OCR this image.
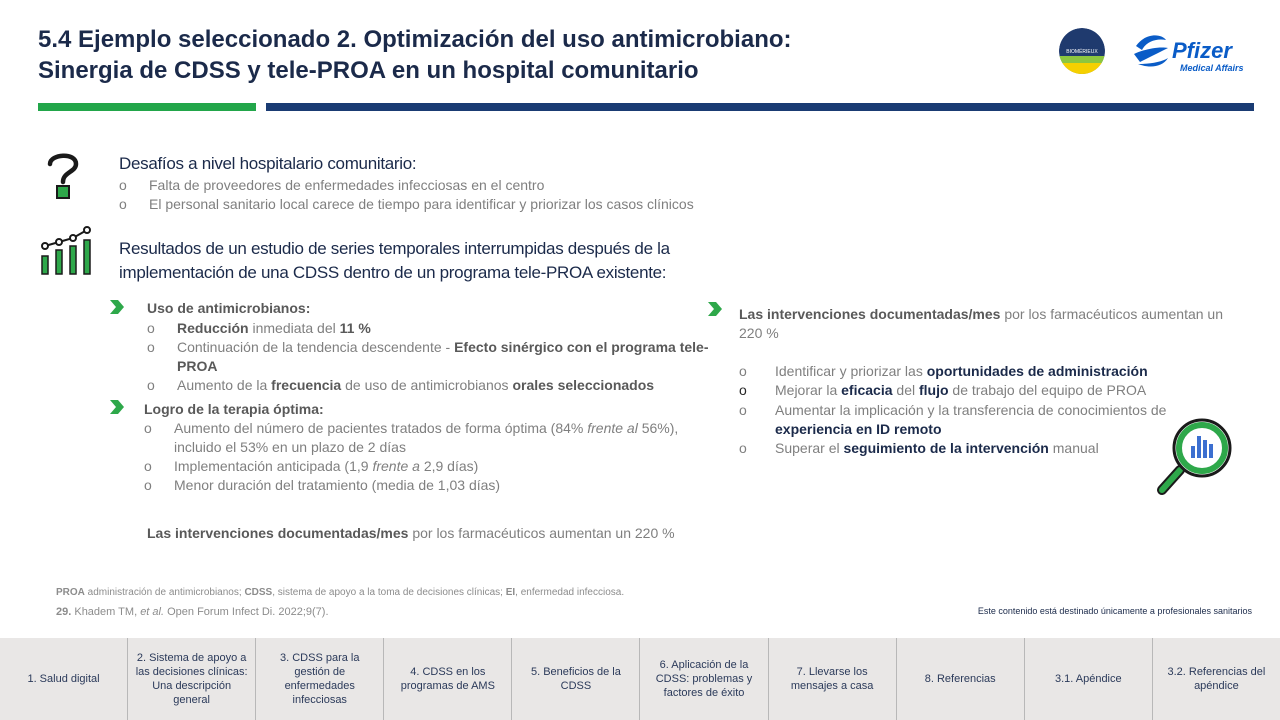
5.4 Ejemplo seleccionado 2. Optimización del uso antimicrobiano:
Sinergia de CDSS y tele-PROA en un hospital comunitario
BIOMÉRIEUX	Pfizer
Medical Affairs
Desafíos a nivel hospitalario comunitario:
o Falta de proveedores de enfermedades infecciosas en el centro
o El personal sanitario local carece de tiempo para identificar y priorizar los casos clínicos
Resultados de un estudio de series temporales interrumpidas después de la
implementación de una CDSS dentro de un programa tele-PROA existente:
Uso de antimicrobianos:
o	Reducción inmediata del 11 %
o	Continuación de la tendencia descendente - Efecto sinérgico con el programa tele-PROA
o	Aumento de la frecuencia de uso de antimicrobianos orales seleccionados
Logro de la terapia óptima:
o	Aumento del número de pacientes tratados de forma óptima (84% frente al 56%), incluido el 53% en un plazo de 2 días
o	Implementación anticipada (1,9 frente a 2,9 días)
o	Menor duración del tratamiento (media de 1,03 días)
Las intervenciones documentadas/mes por los farmacéuticos aumentan un 220 %
Las intervenciones documentadas/mes por los farmacéuticos aumentan un 220 %
o	Identificar y priorizar las oportunidades de administración
o	Mejorar la eficacia del flujo de trabajo del equipo de PROA
o	Aumentar la implicación y la transferencia de conocimientos de experiencia en ID remoto
o	Superar el seguimiento de la intervención manual
PROA administración de antimicrobianos; CDSS, sistema de apoyo a la toma de decisiones clínicas; EI, enfermedad infecciosa.
29. Khadem TM, et al. Open Forum Infect Di. 2022;9(7).	Este contenido está destinado únicamente a profesionales sanitarios
1. Salud digital
2. Sistema de apoyo a las decisiones clínicas: Una descripción general
3. CDSS para la gestión de enfermedades infecciosas
4. CDSS en los programas de AMS
5. Beneficios de la CDSS
6. Aplicación de la CDSS: problemas y factores de éxito
7. Llevarse los mensajes a casa
8. Referencias	3.1. Apéndice
3.2. Referencias del apéndice
